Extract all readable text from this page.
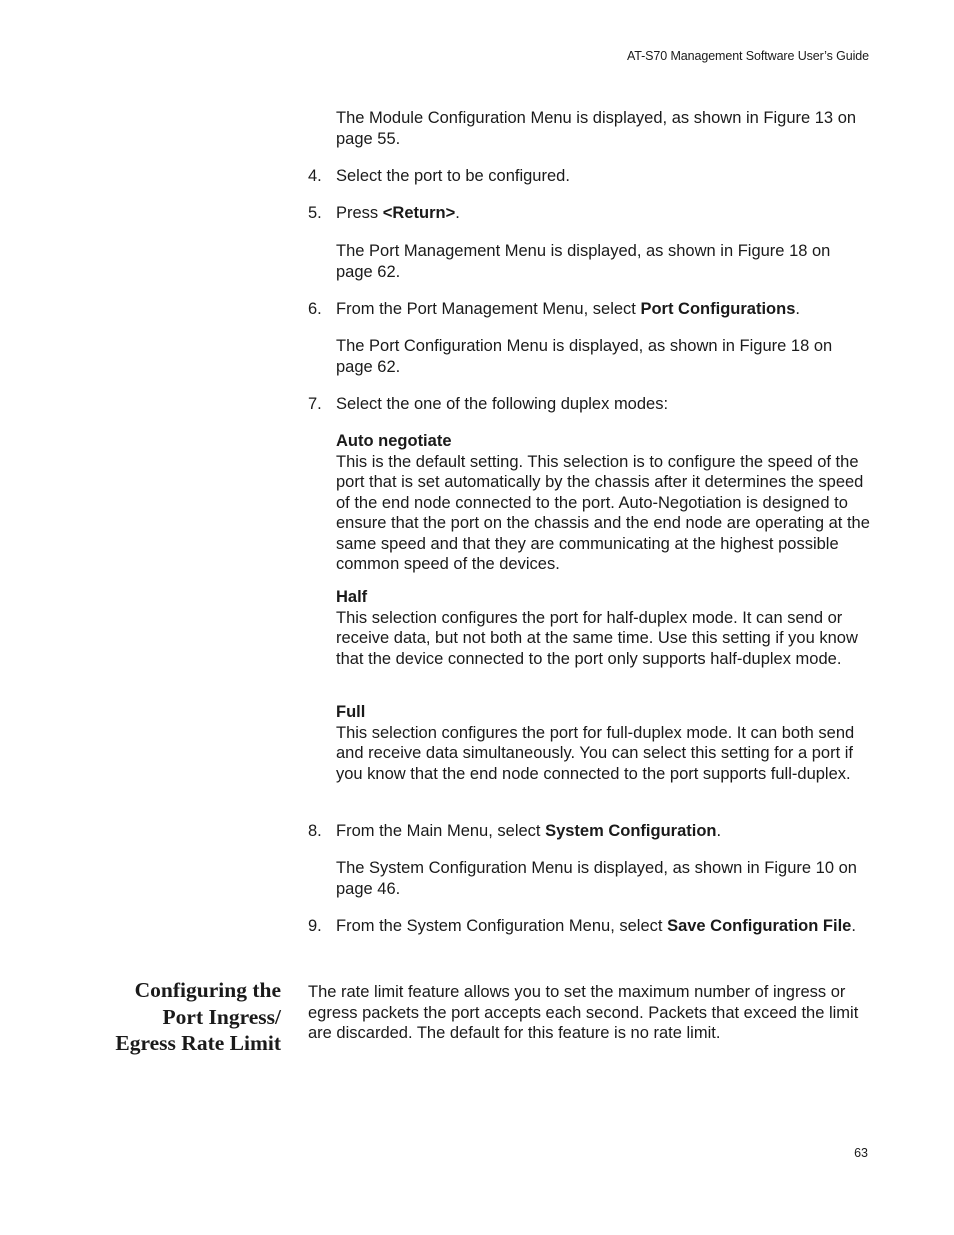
AT-S70 Management Software User’s Guide
The Module Configuration Menu is displayed, as shown in Figure 13 on page 55.
4. Select the port to be configured.
5. Press <Return>.
The Port Management Menu is displayed, as shown in Figure 18 on page 62.
6. From the Port Management Menu, select Port Configurations.
The Port Configuration Menu is displayed, as shown in Figure 18 on page 62.
7. Select the one of the following duplex modes:
Auto negotiate
This is the default setting. This selection is to configure the speed of the port that is set automatically by the chassis after it determines the speed of the end node connected to the port. Auto-Negotiation is designed to ensure that the port on the chassis and the end node are operating at the same speed and that they are communicating at the highest possible common speed of the devices.
Half
This selection configures the port for half-duplex mode. It can send or receive data, but not both at the same time. Use this setting if you know that the device connected to the port only supports half-duplex mode.
Full
This selection configures the port for full-duplex mode. It can both send and receive data simultaneously. You can select this setting for a port if you know that the end node connected to the port supports full-duplex.
8. From the Main Menu, select System Configuration.
The System Configuration Menu is displayed, as shown in Figure 10 on page 46.
9. From the System Configuration Menu, select Save Configuration File.
Configuring the
Port Ingress/
Egress Rate Limit
The rate limit feature allows you to set the maximum number of ingress or egress packets the port accepts each second. Packets that exceed the limit are discarded. The default for this feature is no rate limit.
63
